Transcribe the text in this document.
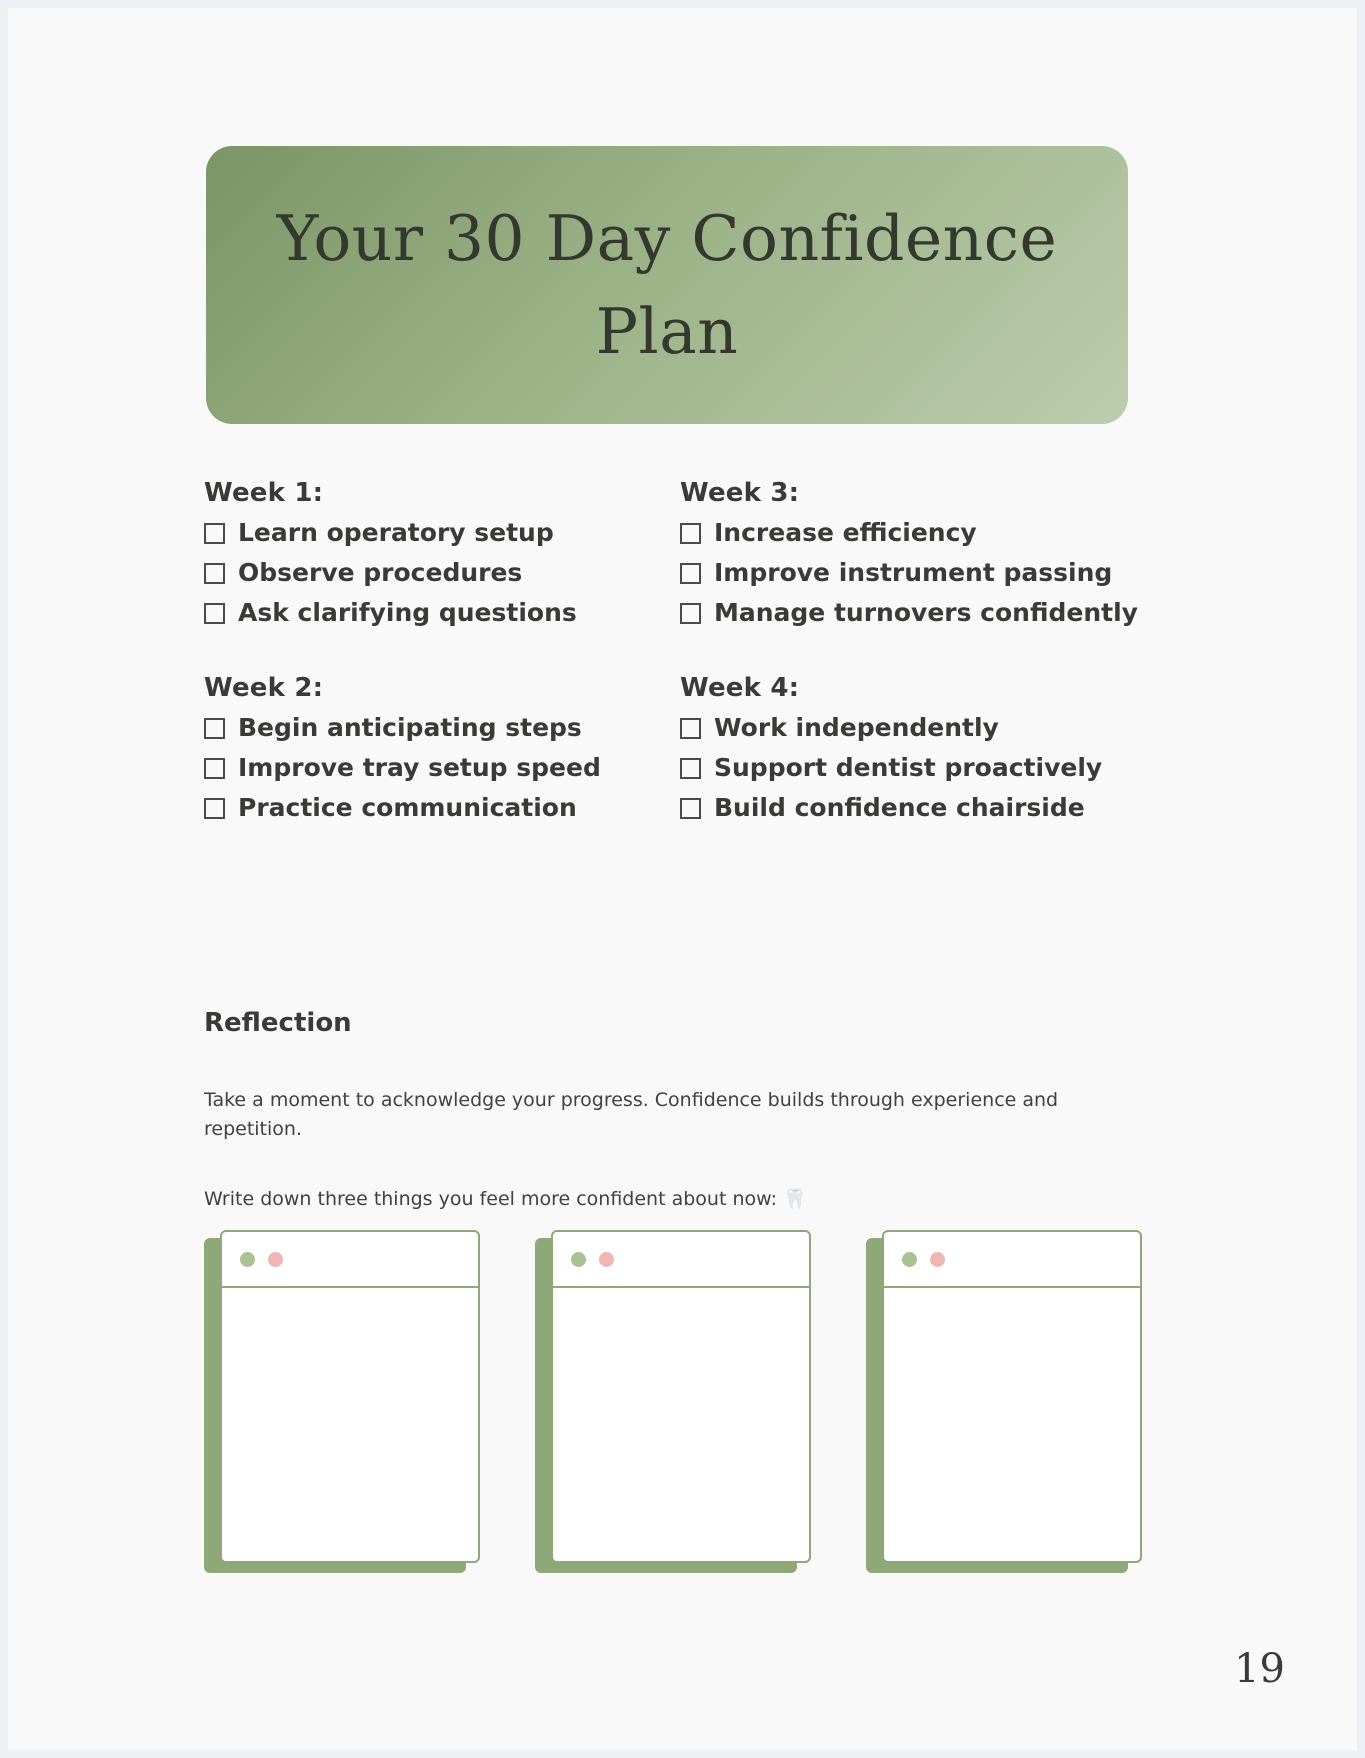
Your 30 Day Confidence Plan
Week 1:
Learn operatory setup
Observe procedures
Ask clarifying questions
Week 2:
Begin anticipating steps
Improve tray setup speed
Practice communication
Week 3:
Increase efficiency
Improve instrument passing
Manage turnovers confidently
Week 4:
Work independently
Support dentist proactively
Build confidence chairside
Reflection
Take a moment to acknowledge your progress. Confidence builds through experience and repetition.
Write down three things you feel more confident about now: 🦷
19
